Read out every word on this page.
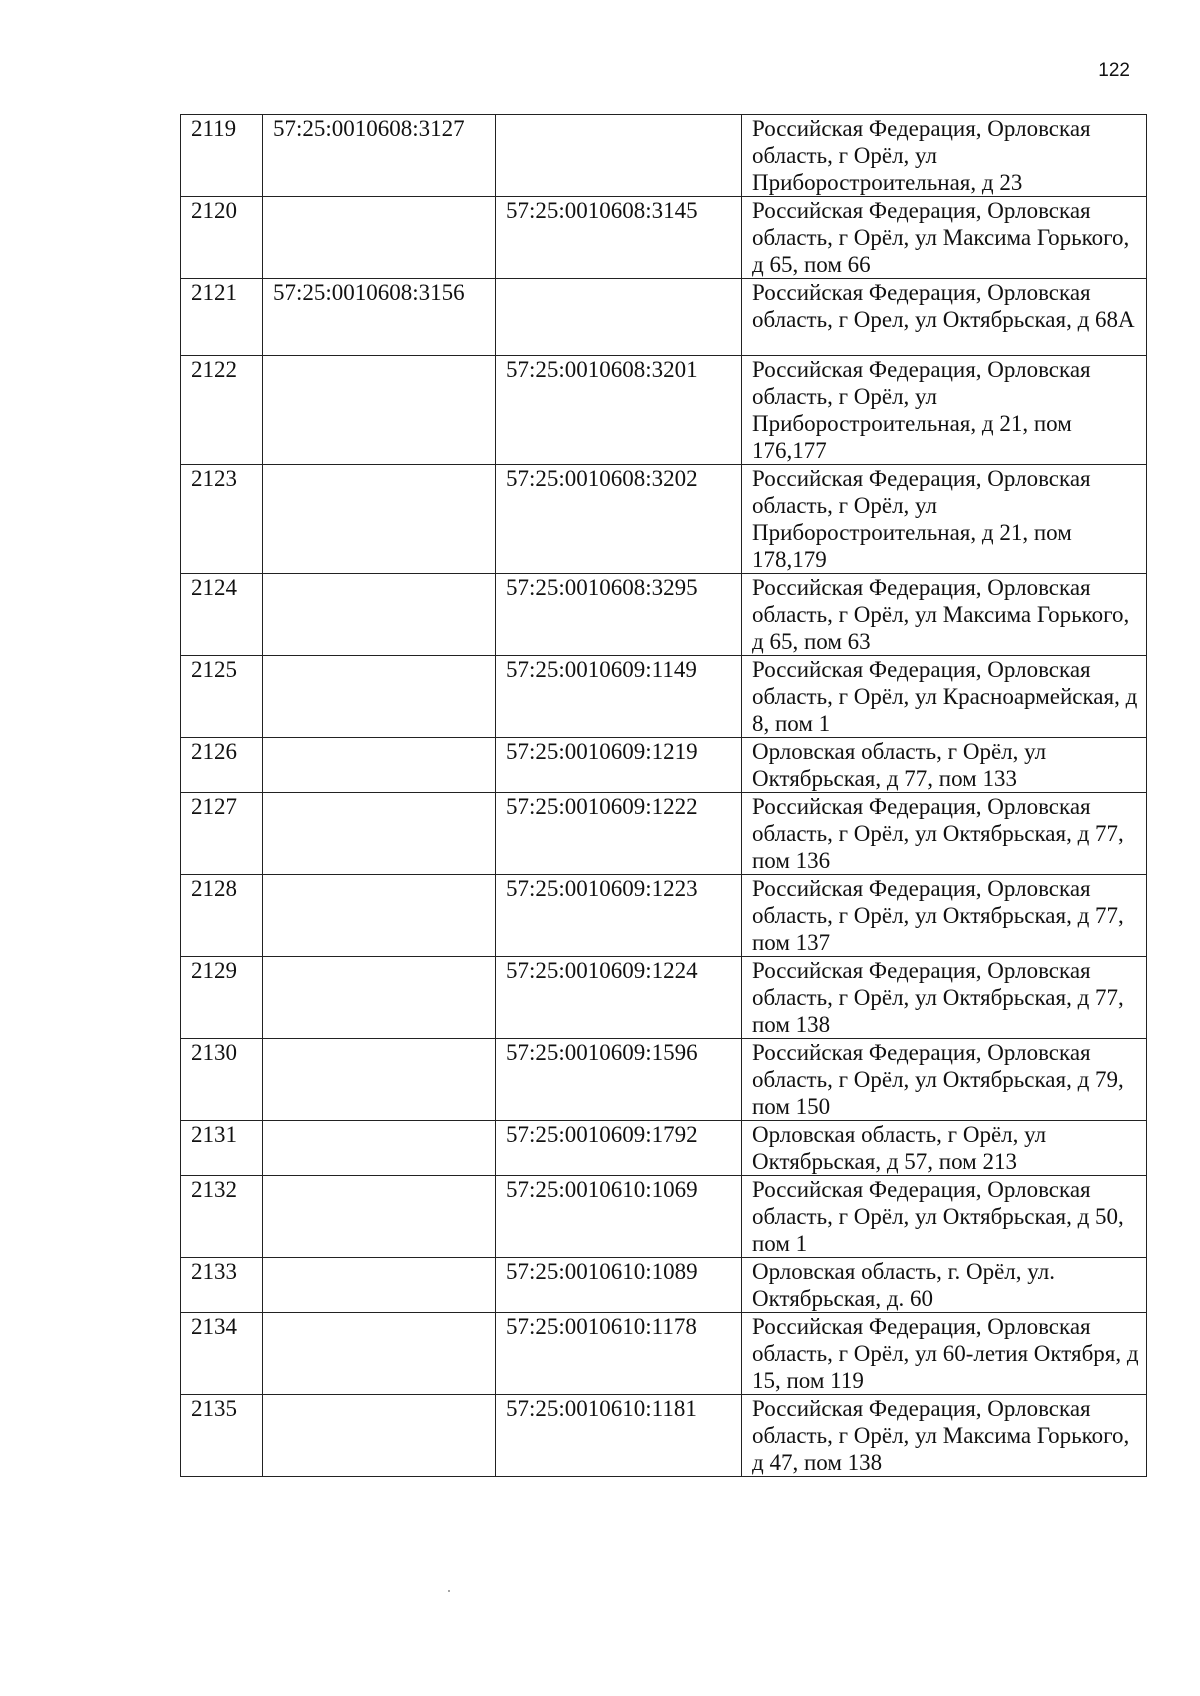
122
2119	57:25:0010608:3127		Российская Федерация, Орловская область, г Орёл, ул Приборостроительная, д 23
2120		57:25:0010608:3145	Российская Федерация, Орловская область, г Орёл, ул Максима Горького, д 65, пом 66
2121	57:25:0010608:3156		Российская Федерация, Орловская область, г Орел, ул Октябрьская, д 68А
2122		57:25:0010608:3201	Российская Федерация, Орловская область, г Орёл, ул Приборостроительная, д 21, пом 176,177
2123		57:25:0010608:3202	Российская Федерация, Орловская область, г Орёл, ул Приборостроительная, д 21, пом 178,179
2124		57:25:0010608:3295	Российская Федерация, Орловская область, г Орёл, ул Максима Горького, д 65, пом 63
2125		57:25:0010609:1149	Российская Федерация, Орловская область, г Орёл, ул Красноармейская, д 8, пом 1
2126		57:25:0010609:1219	Орловская область, г Орёл, ул Октябрьская, д 77, пом 133
2127		57:25:0010609:1222	Российская Федерация, Орловская область, г Орёл, ул Октябрьская, д 77, пом 136
2128		57:25:0010609:1223	Российская Федерация, Орловская область, г Орёл, ул Октябрьская, д 77, пом 137
2129		57:25:0010609:1224	Российская Федерация, Орловская область, г Орёл, ул Октябрьская, д 77, пом 138
2130		57:25:0010609:1596	Российская Федерация, Орловская область, г Орёл, ул Октябрьская, д 79, пом 150
2131		57:25:0010609:1792	Орловская область, г Орёл, ул Октябрьская, д 57, пом 213
2132		57:25:0010610:1069	Российская Федерация, Орловская область, г Орёл, ул Октябрьская, д 50, пом 1
2133		57:25:0010610:1089	Орловская область, г. Орёл, ул. Октябрьская, д. 60
2134		57:25:0010610:1178	Российская Федерация, Орловская область, г Орёл, ул 60-летия Октября, д 15, пом 119
2135		57:25:0010610:1181	Российская Федерация, Орловская область, г Орёл, ул Максима Горького, д 47, пом 138
